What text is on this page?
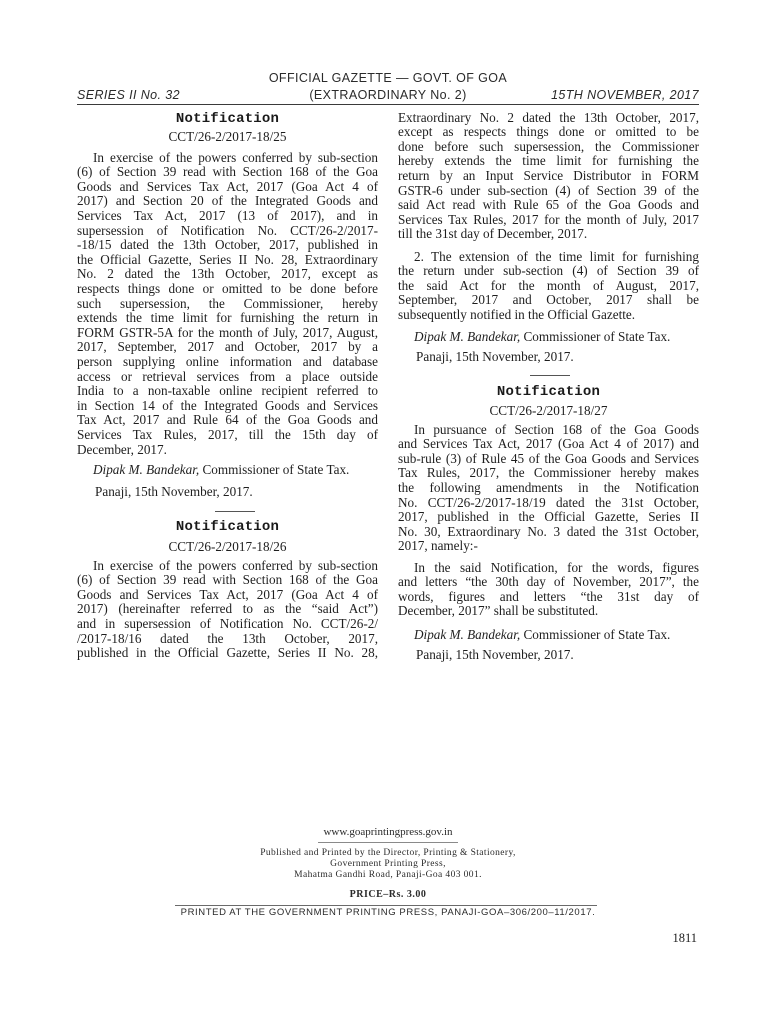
OFFICIAL GAZETTE — GOVT. OF GOA
SERIES II No. 32	(EXTRAORDINARY No. 2)	15TH NOVEMBER, 2017
Notification
CCT/26-2/2017-18/25
In exercise of the powers conferred by sub-section
(6) of Section 39 read with Section 168 of the Goa
Goods and Services Tax Act, 2017 (Goa Act 4 of
2017) and Section 20 of the Integrated Goods and
Services Tax Act, 2017 (13 of 2017), and in
supersession of Notification No. CCT/26-2/2017-
-18/15 dated the 13th October, 2017, published in
the Official Gazette, Series II No. 28, Extraordinary
No. 2 dated the 13th October, 2017, except as
respects things done or omitted to be done before
such supersession, the Commissioner, hereby
extends the time limit for furnishing the return in
FORM GSTR-5A for the month of July, 2017, August,
2017, September, 2017 and October, 2017 by a
person supplying online information and database
access or retrieval services from a place outside
India to a non-taxable online recipient referred to
in Section 14 of the Integrated Goods and Services
Tax Act, 2017 and Rule 64 of the Goa Goods and
Services Tax Rules, 2017, till the 15th day of
December, 2017.
Dipak M. Bandekar, Commissioner of State Tax.
Panaji, 15th November, 2017.
Notification
CCT/26-2/2017-18/26
In exercise of the powers conferred by sub-section
(6) of Section 39 read with Section 168 of the Goa
Goods and Services Tax Act, 2017 (Goa Act 4 of
2017) (hereinafter referred to as the “said Act”)
and in supersession of Notification No. CCT/26-2/
/2017-18/16 dated the 13th October, 2017,
published in the Official Gazette, Series II No. 28,
Extraordinary No. 2 dated the 13th October, 2017,
except as respects things done or omitted to be
done before such supersession, the Commissioner
hereby extends the time limit for furnishing the
return by an Input Service Distributor in FORM
GSTR-6 under sub-section (4) of Section 39 of the
said Act read with Rule 65 of the Goa Goods and
Services Tax Rules, 2017 for the month of July, 2017
till the 31st day of December, 2017.
2. The extension of the time limit for furnishing
the return under sub-section (4) of Section 39 of
the said Act for the month of August, 2017,
September, 2017 and October, 2017 shall be
subsequently notified in the Official Gazette.
Dipak M. Bandekar, Commissioner of State Tax.
Panaji, 15th November, 2017.
Notification
CCT/26-2/2017-18/27
In pursuance of Section 168 of the Goa Goods
and Services Tax Act, 2017 (Goa Act 4 of 2017) and
sub-rule (3) of Rule 45 of the Goa Goods and Services
Tax Rules, 2017, the Commissioner hereby makes
the following amendments in the Notification
No. CCT/26-2/2017-18/19 dated the 31st October,
2017, published in the Official Gazette, Series II
No. 30, Extraordinary No. 3 dated the 31st October,
2017, namely:-
In the said Notification, for the words, figures
and letters “the 30th day of November, 2017”, the
words, figures and letters “the 31st day of
December, 2017” shall be substituted.
Dipak M. Bandekar, Commissioner of State Tax.
Panaji, 15th November, 2017.
www.goaprintingpress.gov.in
Published and Printed by the Director, Printing & Stationery,
Government Printing Press,
Mahatma Gandhi Road, Panaji-Goa 403 001.
PRICE–Rs. 3.00
PRINTED AT THE GOVERNMENT PRINTING PRESS, PANAJI-GOA–306/200–11/2017.
1811
